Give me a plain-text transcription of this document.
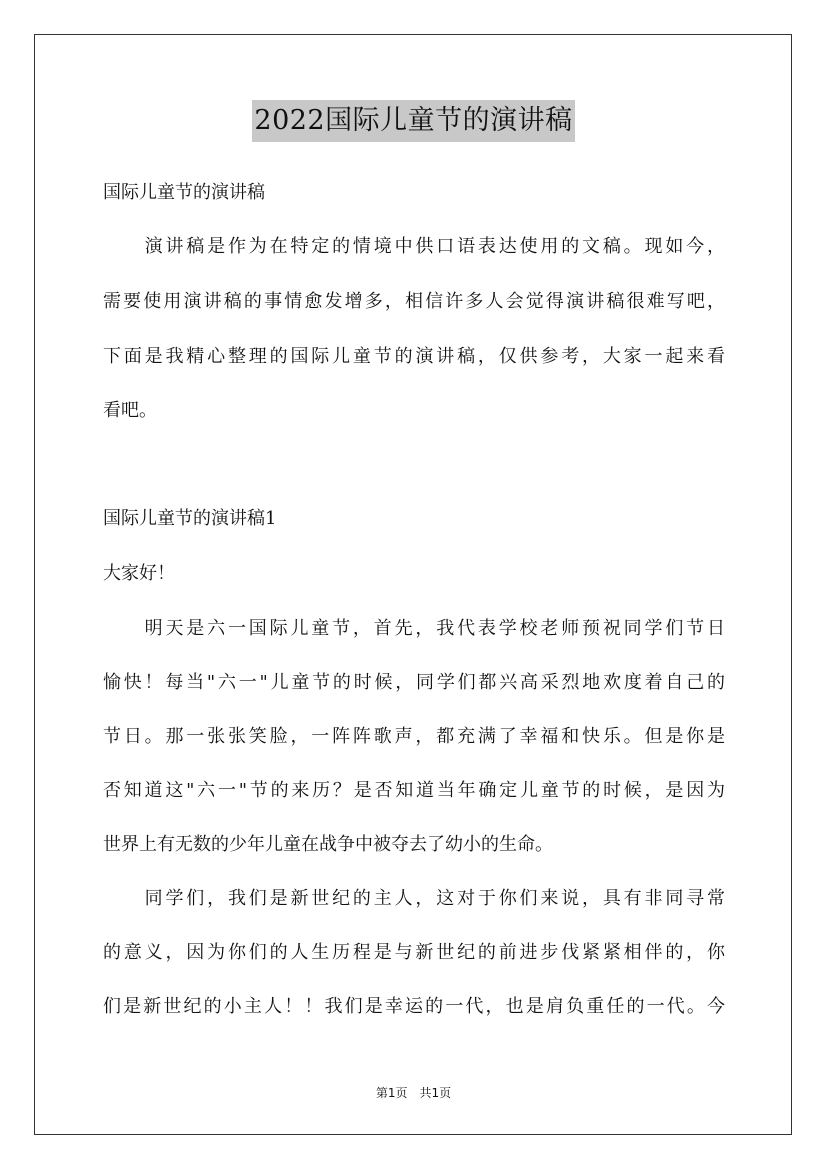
2022国际儿童节的演讲稿
国际儿童节的演讲稿
　　演讲稿是作为在特定的情境中供口语表达使用的文稿。现如今，
需要使用演讲稿的事情愈发增多，相信许多人会觉得演讲稿很难写吧，
下面是我精心整理的国际儿童节的演讲稿，仅供参考，大家一起来看
看吧。
国际儿童节的演讲稿1
大家好！
　　明天是六一国际儿童节，首先，我代表学校老师预祝同学们节日
愉快！每当"六一"儿童节的时候，同学们都兴高采烈地欢度着自己的
节日。那一张张笑脸，一阵阵歌声，都充满了幸福和快乐。但是你是
否知道这"六一"节的来历？是否知道当年确定儿童节的时候，是因为
世界上有无数的少年儿童在战争中被夺去了幼小的生命。
　　同学们，我们是新世纪的主人，这对于你们来说，具有非同寻常
的意义，因为你们的人生历程是与新世纪的前进步伐紧紧相伴的，你
们是新世纪的小主人！！我们是幸运的一代，也是肩负重任的一代。今
第1页　共1页
